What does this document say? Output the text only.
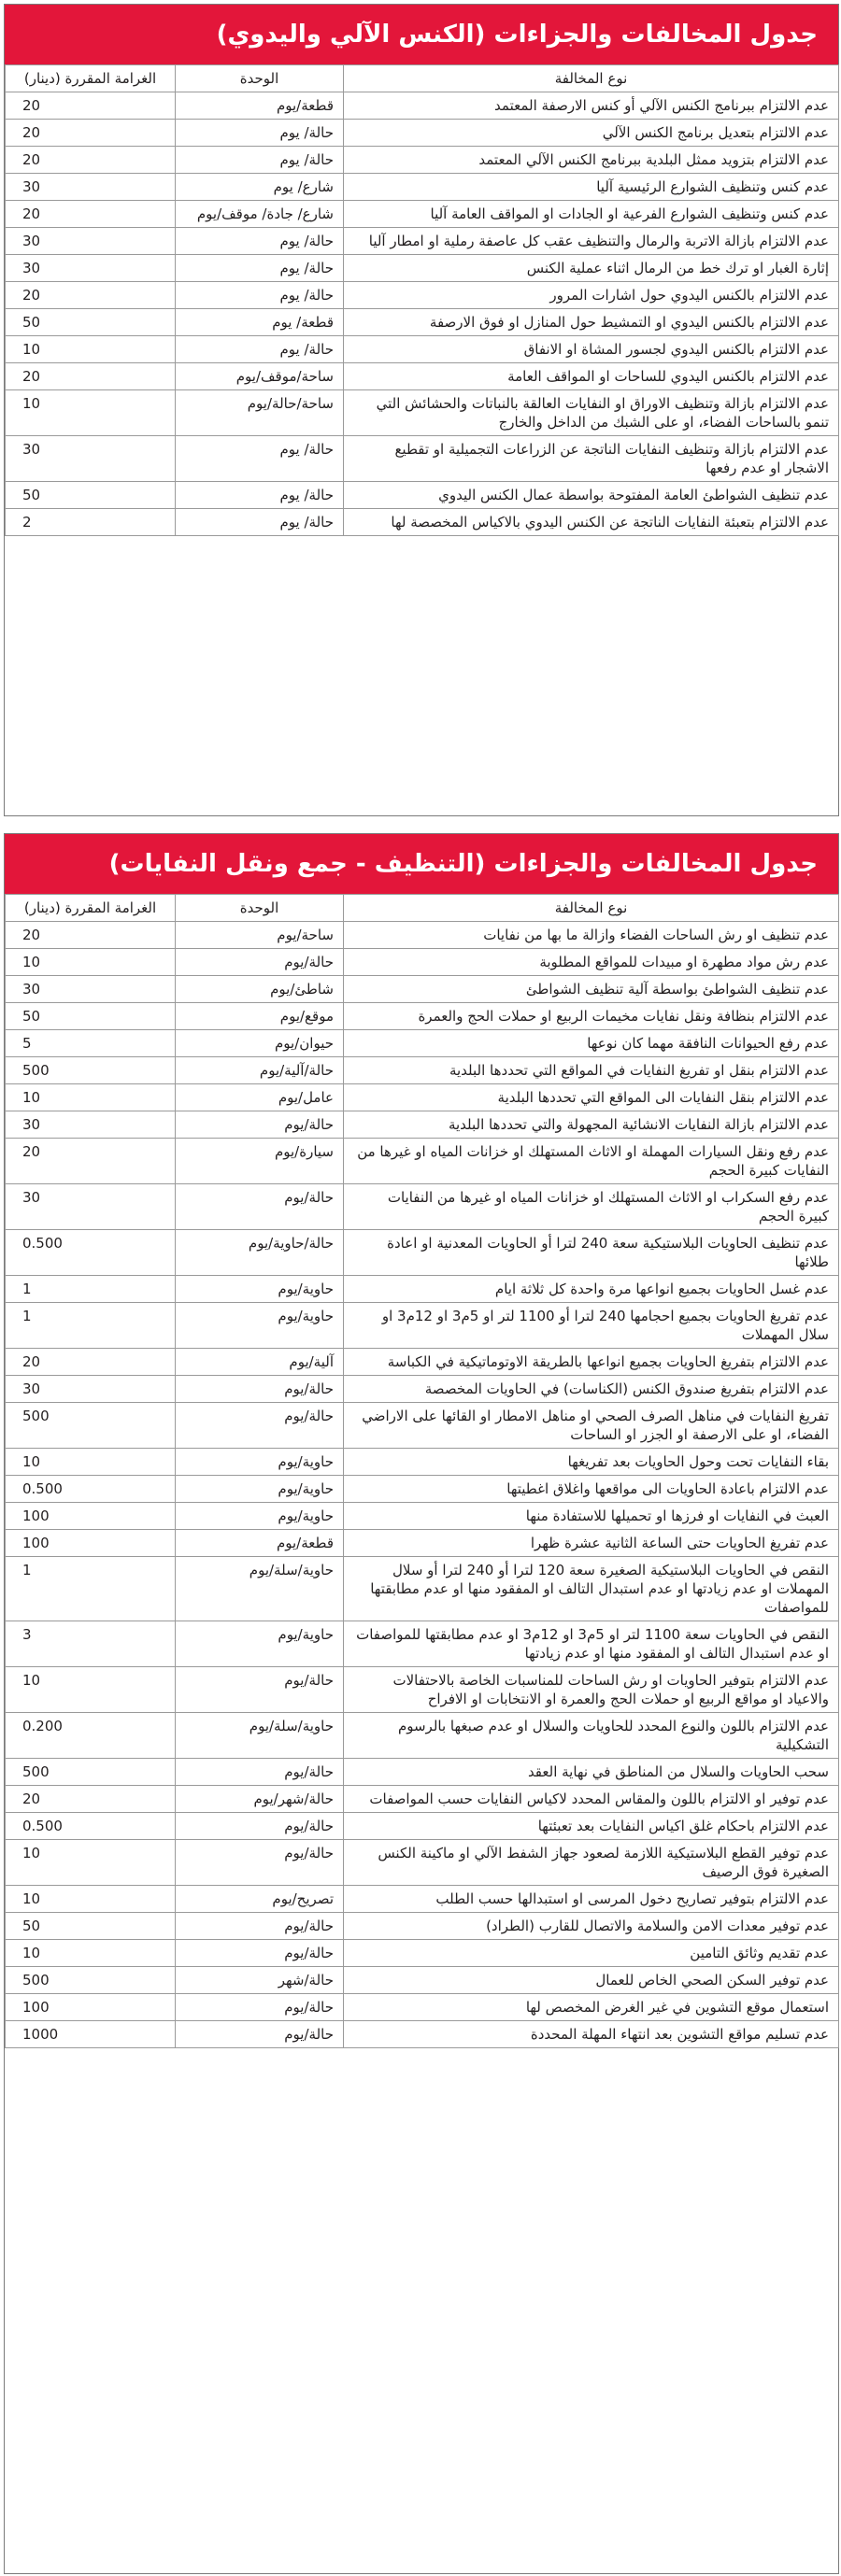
جدول المخالفات والجزاءات (الكنس الآلي واليدوي)
نوع المخالفة	الوحدة	الغرامة المقررة (دينار)
عدم الالتزام ببرنامج الكنس الآلي أو كنس الارصفة المعتمد	قطعة/يوم	20
عدم الالتزام بتعديل برنامج الكنس الآلي	حالة/ يوم	20
عدم الالتزام بتزويد ممثل البلدية ببرنامج الكنس الآلي المعتمد	حالة/ يوم	20
عدم كنس وتنظيف الشوارع الرئيسية آليا	شارع/ يوم	30
عدم كنس وتنظيف الشوارع الفرعية او الجادات او المواقف العامة آليا	شارع/ جادة/ موقف/يوم	20
عدم الالتزام بازالة الاتربة والرمال والتنظيف عقب كل عاصفة رملية او امطار آليا	حالة/ يوم	30
إثارة الغبار او ترك خط من الرمال اثناء عملية الكنس	حالة/ يوم	30
عدم الالتزام بالكنس اليدوي حول اشارات المرور	حالة/ يوم	20
عدم الالتزام بالكنس اليدوي او التمشيط حول المنازل او فوق الارصفة	قطعة/ يوم	50
عدم الالتزام بالكنس اليدوي لجسور المشاة او الانفاق	حالة/ يوم	10
عدم الالتزام بالكنس اليدوي للساحات او المواقف العامة	ساحة/موقف/يوم	20
عدم الالتزام بازالة وتنظيف الاوراق او النفايات العالقة بالنباتات والحشائش التي تنمو بالساحات الفضاء، او على الشبك من الداخل والخارج	ساحة/حالة/يوم	10
عدم الالتزام بازالة وتنظيف النفايات الناتجة عن الزراعات التجميلية او تقطيع الاشجار او عدم رفعها	حالة/ يوم	30
عدم تنظيف الشواطئ العامة المفتوحة بواسطة عمال الكنس اليدوي	حالة/ يوم	50
عدم الالتزام بتعبئة النفايات الناتجة عن الكنس اليدوي بالاكياس المخصصة لها	حالة/ يوم	2
جدول المخالفات والجزاءات (التنظيف - جمع ونقل النفايات)
نوع المخالفة	الوحدة	الغرامة المقررة (دينار)
عدم تنظيف او رش الساحات الفضاء وازالة ما بها من نفايات	ساحة/يوم	20
عدم رش مواد مطهرة او مبيدات للمواقع المطلوبة	حالة/يوم	10
عدم تنظيف الشواطئ بواسطة آلية تنظيف الشواطئ	شاطئ/يوم	30
عدم الالتزام بنظافة ونقل نفايات مخيمات الربيع او حملات الحج والعمرة	موقع/يوم	50
عدم رفع الحيوانات النافقة مهما كان نوعها	حيوان/يوم	5
عدم الالتزام بنقل او تفريغ النفايات في المواقع التي تحددها البلدية	حالة/آلية/يوم	500
عدم الالتزام بنقل النفايات الى المواقع التي تحددها البلدية	عامل/يوم	10
عدم الالتزام بازالة النفايات الانشائية المجهولة والتي تحددها البلدية	حالة/يوم	30
عدم رفع ونقل السيارات المهملة او الاثاث المستهلك او خزانات المياه او غيرها من النفايات كبيرة الحجم	سيارة/يوم	20
عدم رفع السكراب او الاثاث المستهلك او خزانات المياه او غيرها من النفايات كبيرة الحجم	حالة/يوم	30
عدم تنظيف الحاويات البلاستيكية سعة 240 لترا أو الحاويات المعدنية او اعادة طلائها	حالة/حاوية/يوم	0.500
عدم غسل الحاويات بجميع انواعها مرة واحدة كل ثلاثة ايام	حاوية/يوم	1
عدم تفريغ الحاويات بجميع احجامها 240 لترا أو 1100 لتر او 5م3 او 12م3 او سلال المهملات	حاوية/يوم	1
عدم الالتزام بتفريغ الحاويات بجميع انواعها بالطريقة الاوتوماتيكية في الكباسة	آلية/يوم	20
عدم الالتزام بتفريغ صندوق الكنس (الكناسات) في الحاويات المخصصة	حالة/يوم	30
تفريغ النفايات في مناهل الصرف الصحي او مناهل الامطار او القائها على الاراضي الفضاء، او على الارصفة او الجزر او الساحات	حالة/يوم	500
بقاء النفايات تحت وحول الحاويات بعد تفريغها	حاوية/يوم	10
عدم الالتزام باعادة الحاويات الى مواقعها واغلاق اغطيتها	حاوية/يوم	0.500
العبث في النفايات او فرزها او تحميلها للاستفادة منها	حاوية/يوم	100
عدم تفريغ الحاويات حتى الساعة الثانية عشرة ظهرا	قطعة/يوم	100
النقص في الحاويات البلاستيكية الصغيرة سعة 120 لترا أو 240 لترا أو سلال المهملات او عدم زيادتها او عدم استبدال التالف او المفقود منها او عدم مطابقتها للمواصفات	حاوية/سلة/يوم	1
النقص في الحاويات سعة 1100 لتر او 5م3 او 12م3 او عدم مطابقتها للمواصفات او عدم استبدال التالف او المفقود منها او عدم زيادتها	حاوية/يوم	3
عدم الالتزام بتوفير الحاويات او رش الساحات للمناسبات الخاصة بالاحتفالات والاعياد او مواقع الربيع او حملات الحج والعمرة او الانتخابات او الافراح	حالة/يوم	10
عدم الالتزام باللون والنوع المحدد للحاويات والسلال او عدم صبغها بالرسوم التشكيلية	حاوية/سلة/يوم	0.200
سحب الحاويات والسلال من المناطق في نهاية العقد	حالة/يوم	500
عدم توفير او الالتزام باللون والمقاس المحدد لاكياس النفايات حسب المواصفات	حالة/شهر/يوم	20
عدم الالتزام باحكام غلق اكياس النفايات بعد تعبئتها	حالة/يوم	0.500
عدم توفير القطع البلاستيكية اللازمة لصعود جهاز الشفط الآلي او ماكينة الكنس الصغيرة فوق الرصيف	حالة/يوم	10
عدم الالتزام بتوفير تصاريح دخول المرسى او استبدالها حسب الطلب	تصريح/يوم	10
عدم توفير معدات الامن والسلامة والاتصال للقارب (الطراد)	حالة/يوم	50
عدم تقديم وثائق التامين	حالة/يوم	10
عدم توفير السكن الصحي الخاص للعمال	حالة/شهر	500
استعمال موقع التشوين في غير الغرض المخصص لها	حالة/يوم	100
عدم تسليم مواقع التشوين بعد انتهاء المهلة المحددة	حالة/يوم	1000
